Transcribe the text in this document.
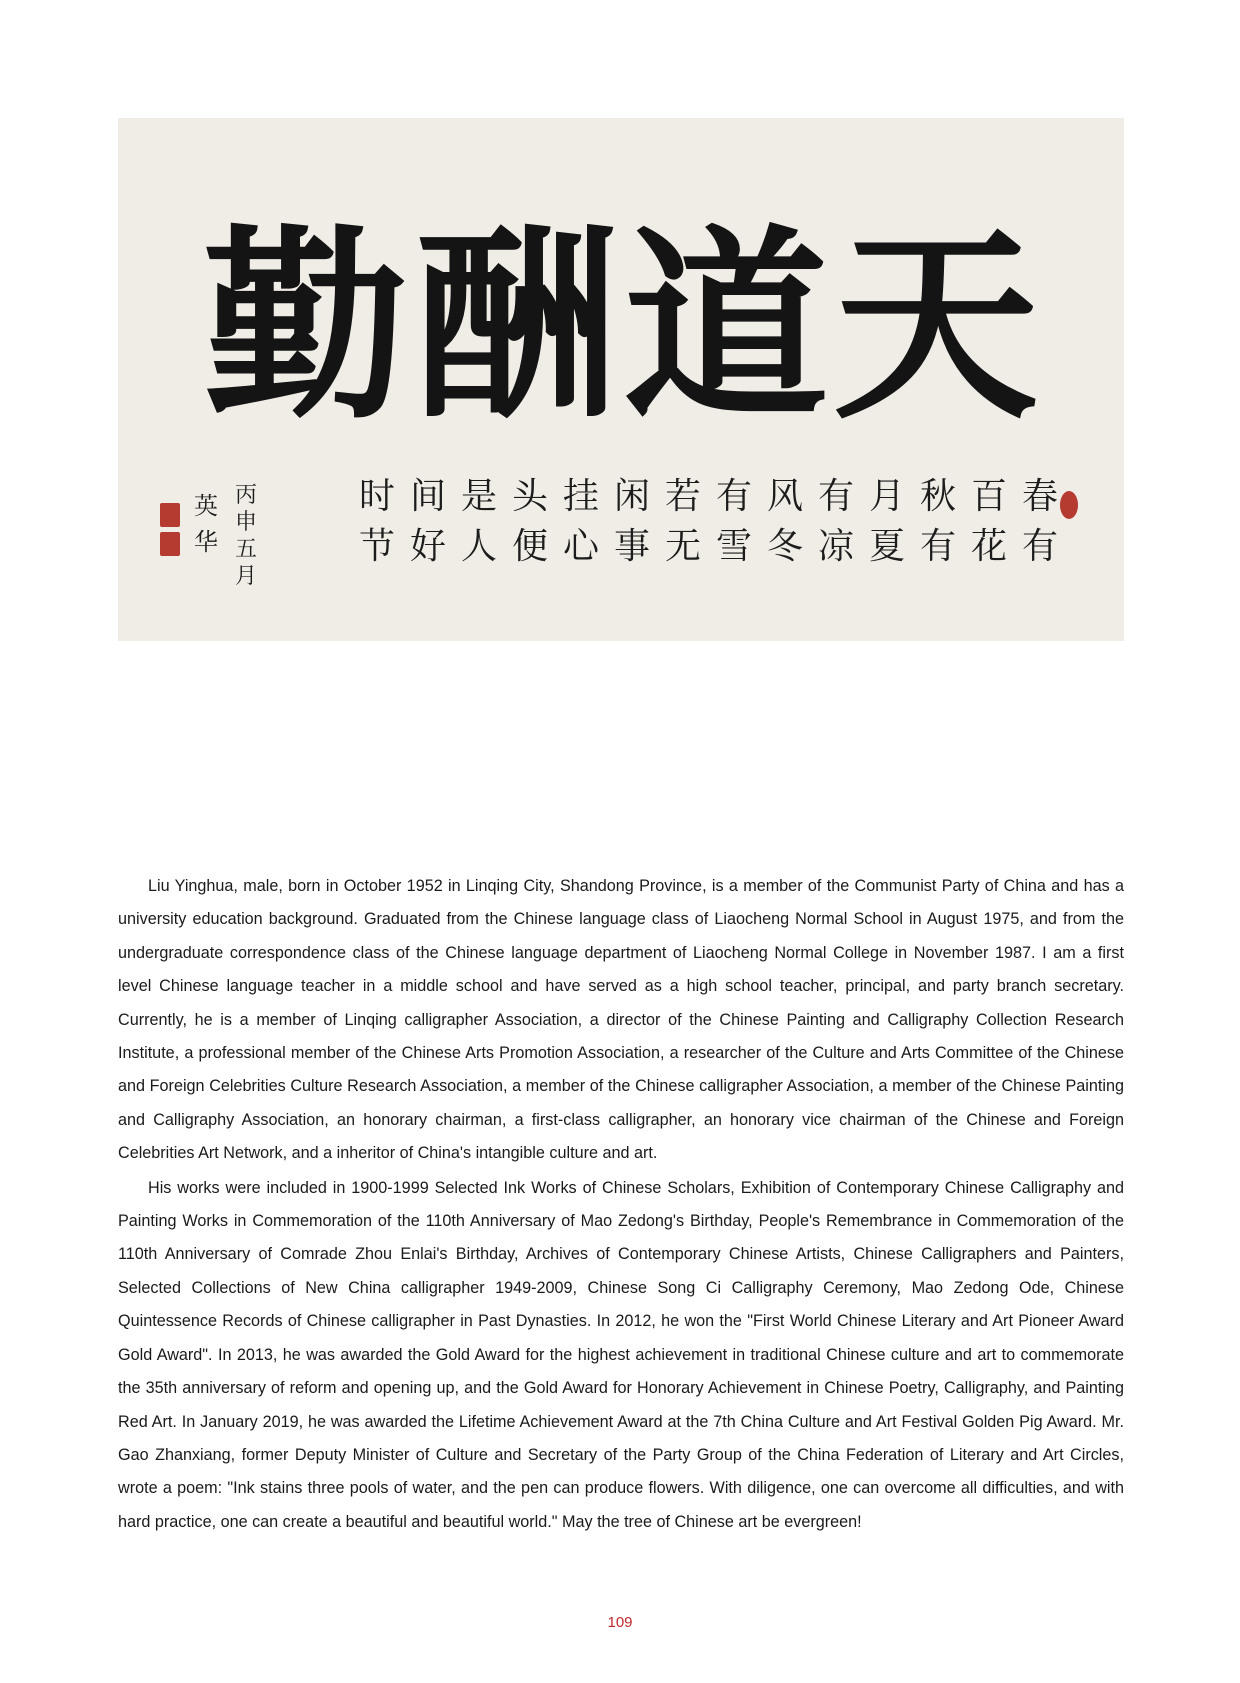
天
道
酬
勤
春
有
百
花
秋
有
月
夏
有
凉
风
冬
有
雪
若
无
闲
事
挂
心
头
便
是
人
间
好
时
节
丙
申
五
月
英
华

Liu Yinghua, male, born in October 1952 in Linqing City, Shandong Province, is a member of the Communist Party of China and has a university education background. Graduated from the Chinese language class of Liaocheng Normal School in August 1975, and from the undergraduate correspondence class of the Chinese language department of Liaocheng Normal College in November 1987. I am a first level Chinese language teacher in a middle school and have served as a high school teacher, principal, and party branch secretary. Currently, he is a member of Linqing calligrapher Association, a director of the Chinese Painting and Calligraphy Collection Research Institute, a professional member of the Chinese Arts Promotion Association, a researcher of the Culture and Arts Committee of the Chinese and Foreign Celebrities Culture Research Association, a member of the Chinese calligrapher Association, a member of the Chinese Painting and Calligraphy Association, an honorary chairman, a first-class calligrapher, an honorary vice chairman of the Chinese and Foreign Celebrities Art Network, and a inheritor of China's intangible culture and art.

His works were included in 1900-1999 Selected Ink Works of Chinese Scholars, Exhibition of Contemporary Chinese Calligraphy and Painting Works in Commemoration of the 110th Anniversary of Mao Zedong's Birthday, People's Remembrance in Commemoration of the 110th Anniversary of Comrade Zhou Enlai's Birthday, Archives of Contemporary Chinese Artists, Chinese Calligraphers and Painters, Selected Collections of New China calligrapher 1949-2009, Chinese Song Ci Calligraphy Ceremony, Mao Zedong Ode, Chinese Quintessence Records of Chinese calligrapher in Past Dynasties. In 2012, he won the "First World Chinese Literary and Art Pioneer Award Gold Award". In 2013, he was awarded the Gold Award for the highest achievement in traditional Chinese culture and art to commemorate the 35th anniversary of reform and opening up, and the Gold Award for Honorary Achievement in Chinese Poetry, Calligraphy, and Painting Red Art. In January 2019, he was awarded the Lifetime Achievement Award at the 7th China Culture and Art Festival Golden Pig Award. Mr. Gao Zhanxiang, former Deputy Minister of Culture and Secretary of the Party Group of the China Federation of Literary and Art Circles, wrote a poem: "Ink stains three pools of water, and the pen can produce flowers. With diligence, one can overcome all difficulties, and with hard practice, one can create a beautiful and beautiful world." May the tree of Chinese art be evergreen!

109
